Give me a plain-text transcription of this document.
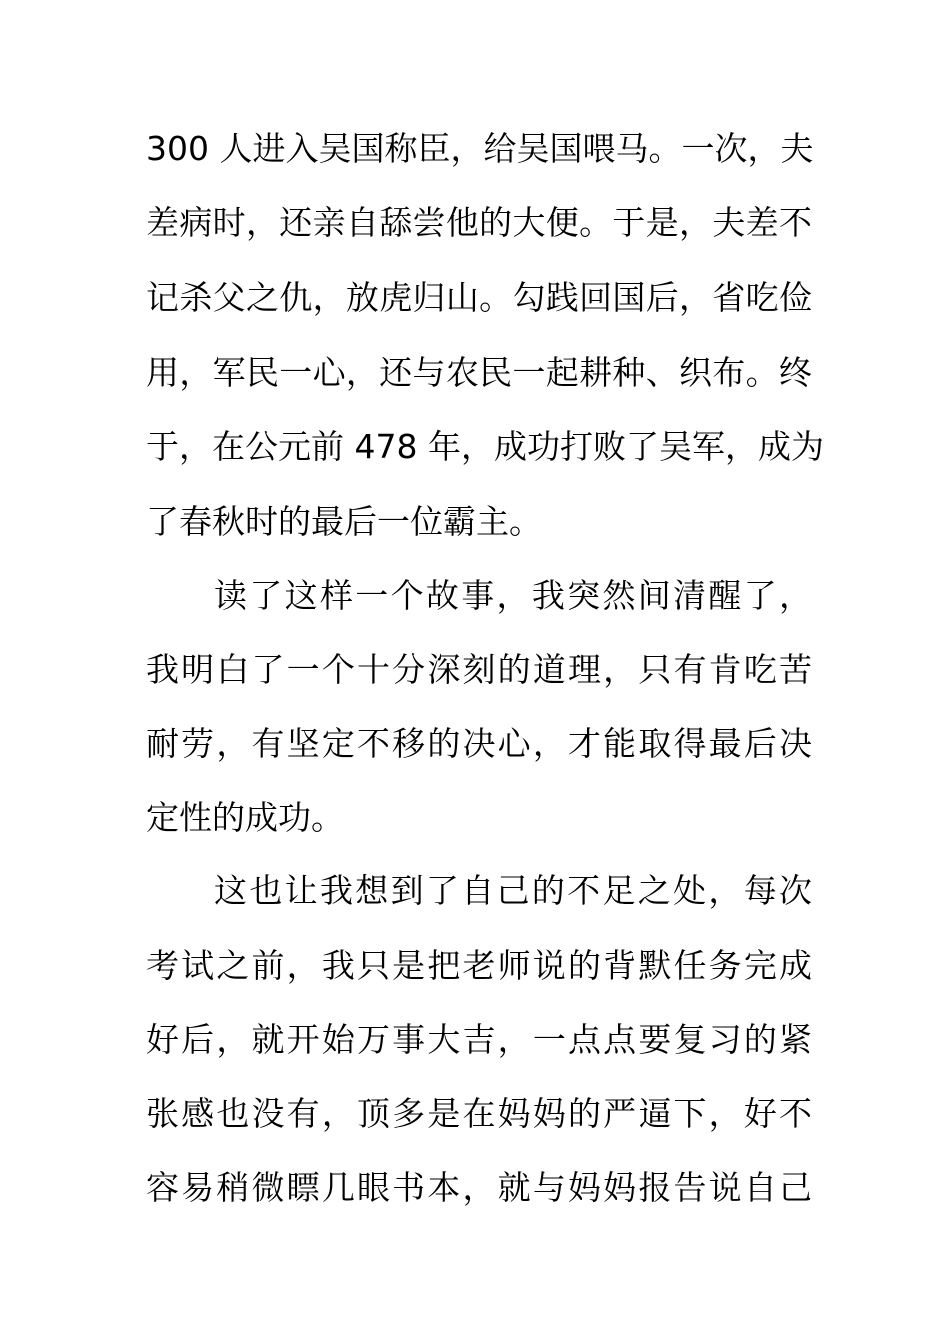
300 人进入吴国称臣，给吴国喂马。一次，夫
差病时，还亲自舔尝他的大便。于是，夫差不
记杀父之仇，放虎归山。勾践回国后，省吃俭
用，军民一心，还与农民一起耕种、织布。终
于，在公元前 478 年，成功打败了吴军，成为
了春秋时的最后一位霸主。
读了这样一个故事，我突然间清醒了，
我明白了一个十分深刻的道理，只有肯吃苦
耐劳，有坚定不移的决心，才能取得最后决
定性的成功。
这也让我想到了自己的不足之处，每次
考试之前，我只是把老师说的背默任务完成
好后，就开始万事大吉，一点点要复习的紧
张感也没有，顶多是在妈妈的严逼下，好不
容易稍微瞟几眼书本，就与妈妈报告说自己
